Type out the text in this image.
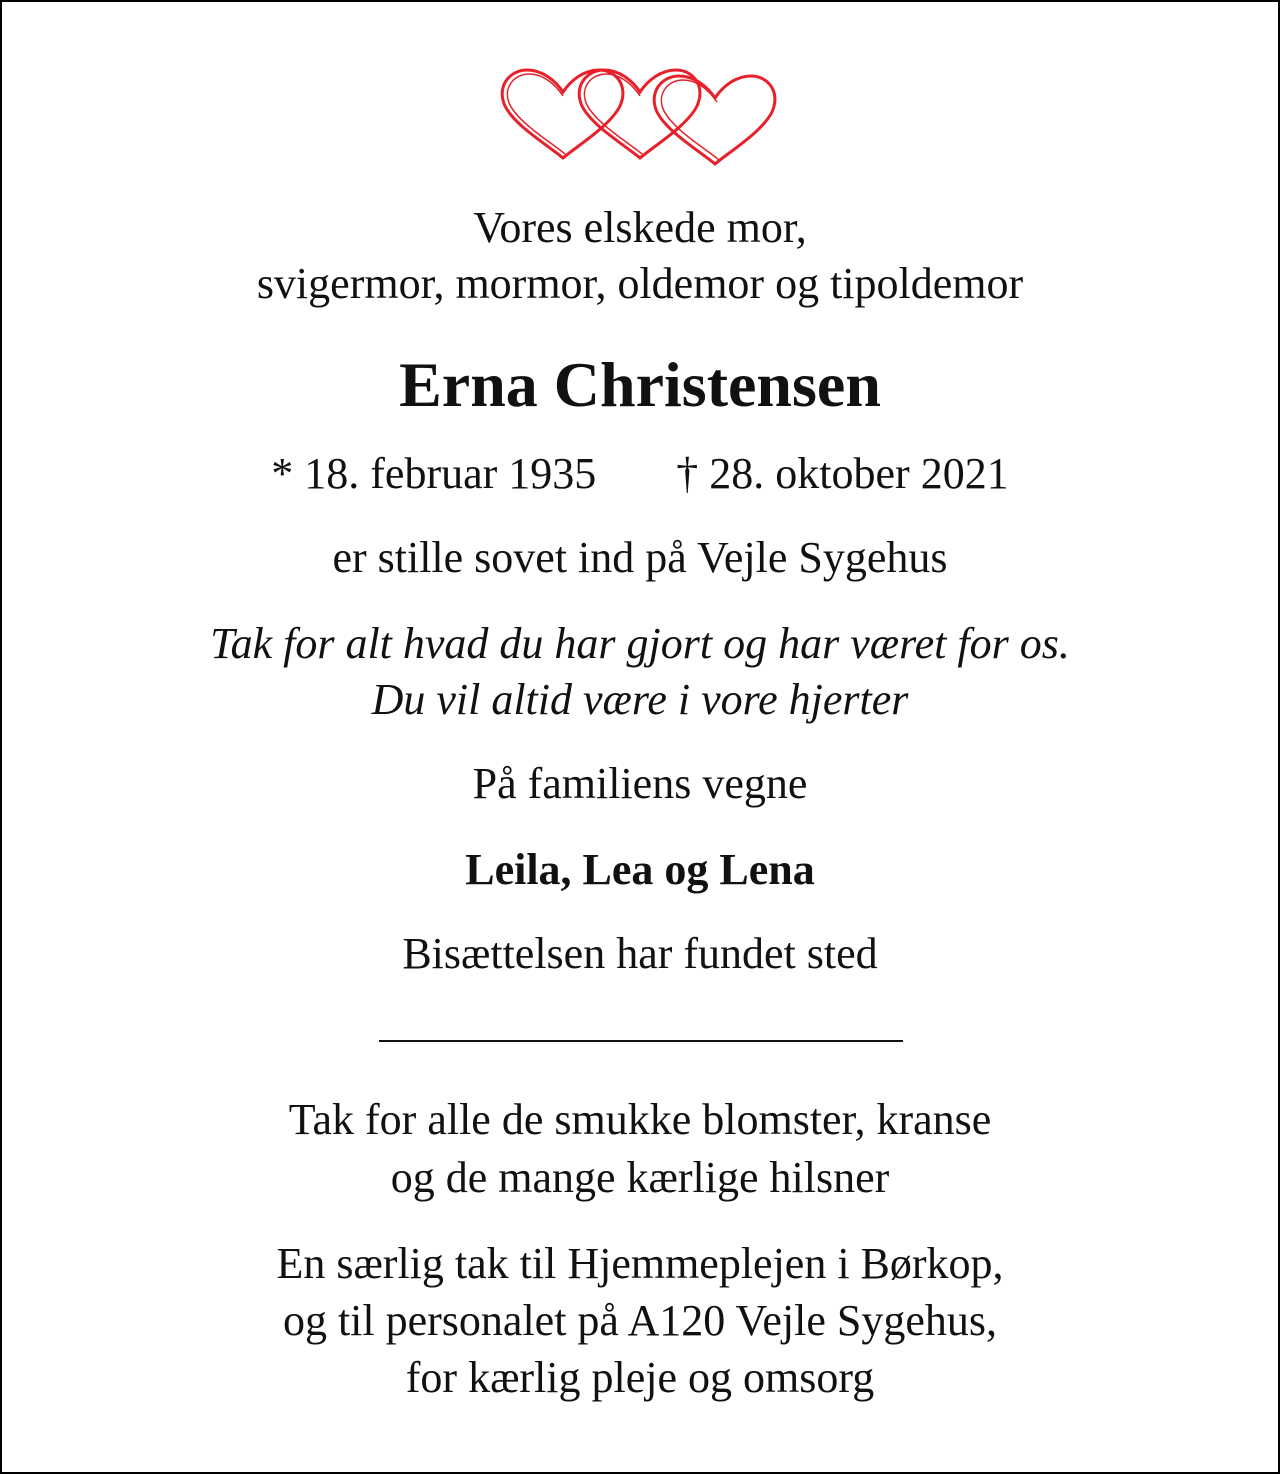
Vores elskede mor,
svigermor, mormor, oldemor og tipoldemor
Erna Christensen
* 18. februar 1935 † 28. oktober 2021
er stille sovet ind på Vejle Sygehus
Tak for alt hvad du har gjort og har været for os.
Du vil altid være i vore hjerter
På familiens vegne
Leila, Lea og Lena
Bisættelsen har fundet sted
Tak for alle de smukke blomster, kranse
og de mange kærlige hilsner
En særlig tak til Hjemmeplejen i Børkop,
og til personalet på A120 Vejle Sygehus,
for kærlig pleje og omsorg
